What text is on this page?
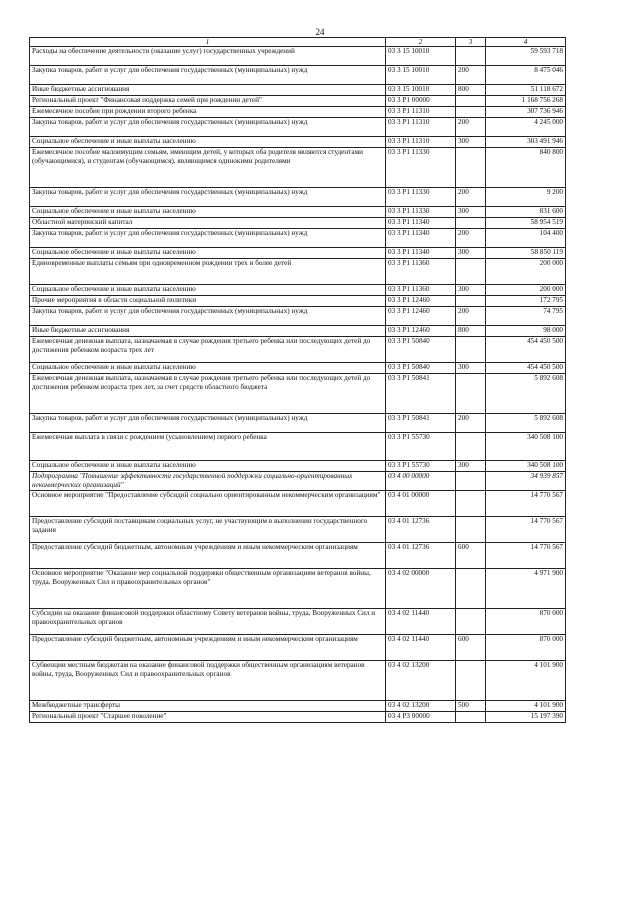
24
1	2	3	4
Расходы на обеспечение деятельности (оказание услуг) государственных учреждений	03 3 15 10010		59 593 718
Закупка товаров, работ и услуг для обеспечения государственных (муниципальных) нужд	03 3 15 10010	200	8 475 046
Иные бюджетные ассигнования	03 3 15 10010	800	51 118 672
Региональный проект "Финансовая поддержка семей при рождении детей"	03 3 P1 00000		1 168 756 268
Ежемесячное пособие при рождении второго ребенка	03 3 P1 11310		307 736 946
Закупка товаров, работ и услуг для обеспечения государственных (муниципальных) нужд	03 3 P1 11310	200	4 245 000
Социальное обеспечение и иные выплаты населению	03 3 P1 11310	300	303 491 946
Ежемесячное пособие малоимущим семьям, имеющим детей, у которых оба родителя являются студентами (обучающимися), и студентам (обучающимся), являющимся одинокими родителями	03 3 P1 11330		840 800
Закупка товаров, работ и услуг для обеспечения государственных (муниципальных) нужд	03 3 P1 11330	200	9 200
Социальное обеспечение и иные выплаты населению	03 3 P1 11330	300	831 600
Областной материнский капитал	03 3 P1 11340		58 954 519
Закупка товаров, работ и услуг для обеспечения государственных (муниципальных) нужд	03 3 P1 11340	200	104 400
Социальное обеспечение и иные выплаты населению	03 3 P1 11340	300	58 850 119
Единовременные выплаты семьям при одновременном рождении трех и более детей	03 3 P1 11360		200 000
Социальное обеспечение и иные выплаты населению	03 3 P1 11360	300	200 000
Прочие мероприятия в области социальной политики	03 3 P1 12460		172 795
Закупка товаров, работ и услуг для обеспечения государственных (муниципальных) нужд	03 3 P1 12460	200	74 795
Иные бюджетные ассигнования	03 3 P1 12460	800	98 000
Ежемесячная денежная выплата, назначаемая в случае рождения третьего ребенка или последующих детей до достижения ребенком возраста трех лет	03 3 P1 50840		454 450 500
Социальное обеспечение и иные выплаты населению	03 3 P1 50840	300	454 450 500
Ежемесячная денежная выплата, назначаемая в случае рождения третьего ребенка или последующих детей до достижения ребенком возраста трех лет, за счет средств областного бюджета	03 3 P1 50841		5 892 608
Закупка товаров, работ и услуг для обеспечения государственных (муниципальных) нужд	03 3 P1 50841	200	5 892 608
Ежемесячная выплата в связи с рождением (усыновлением) первого ребенка	03 3 P1 55730		340 508 100
Социальное обеспечение и иные выплаты населению	03 3 P1 55730	300	340 508 100
Подпрограмма "Повышение эффективности государственной поддержки социально-ориентированных некоммерческих организаций"	03 4 00 00000		34 939 857
Основное мероприятие "Предоставление субсидий социально ориентированным некоммерческим организациям"	03 4 01 00000		14 770 567
Предоставление субсидий поставщикам социальных услуг, не участвующим в выполнении государственного задания	03 4 01 12736		14 770 567
Предоставление субсидий бюджетным, автономным учреждениям и иным некоммерческим организациям	03 4 01 12736	600	14 770 567
Основное мероприятие "Оказание мер социальной поддержки общественным организациям ветеранов войны, труда, Вооруженных Сил и правоохранительных органов"	03 4 02 00000		4 971 900
Субсидии на оказание финансовой поддержки областному Совету ветеранов войны, труда, Вооруженных Сил и правоохранительных органов	03 4 02 11440		870 000
Предоставление субсидий бюджетным, автономным учреждениям и иным некоммерческим организациям	03 4 02 11440	600	870 000
Субвенции местным бюджетам на оказание финансовой поддержки общественным организациям ветеранов войны, труда, Вооруженных Сил и правоохранительных органов	03 4 02 13200		4 101 900
Межбюджетные трансферты	03 4 02 13200	500	4 101 900
Региональный проект "Старшее поколение"	03 4 P3 00000		15 197 390
